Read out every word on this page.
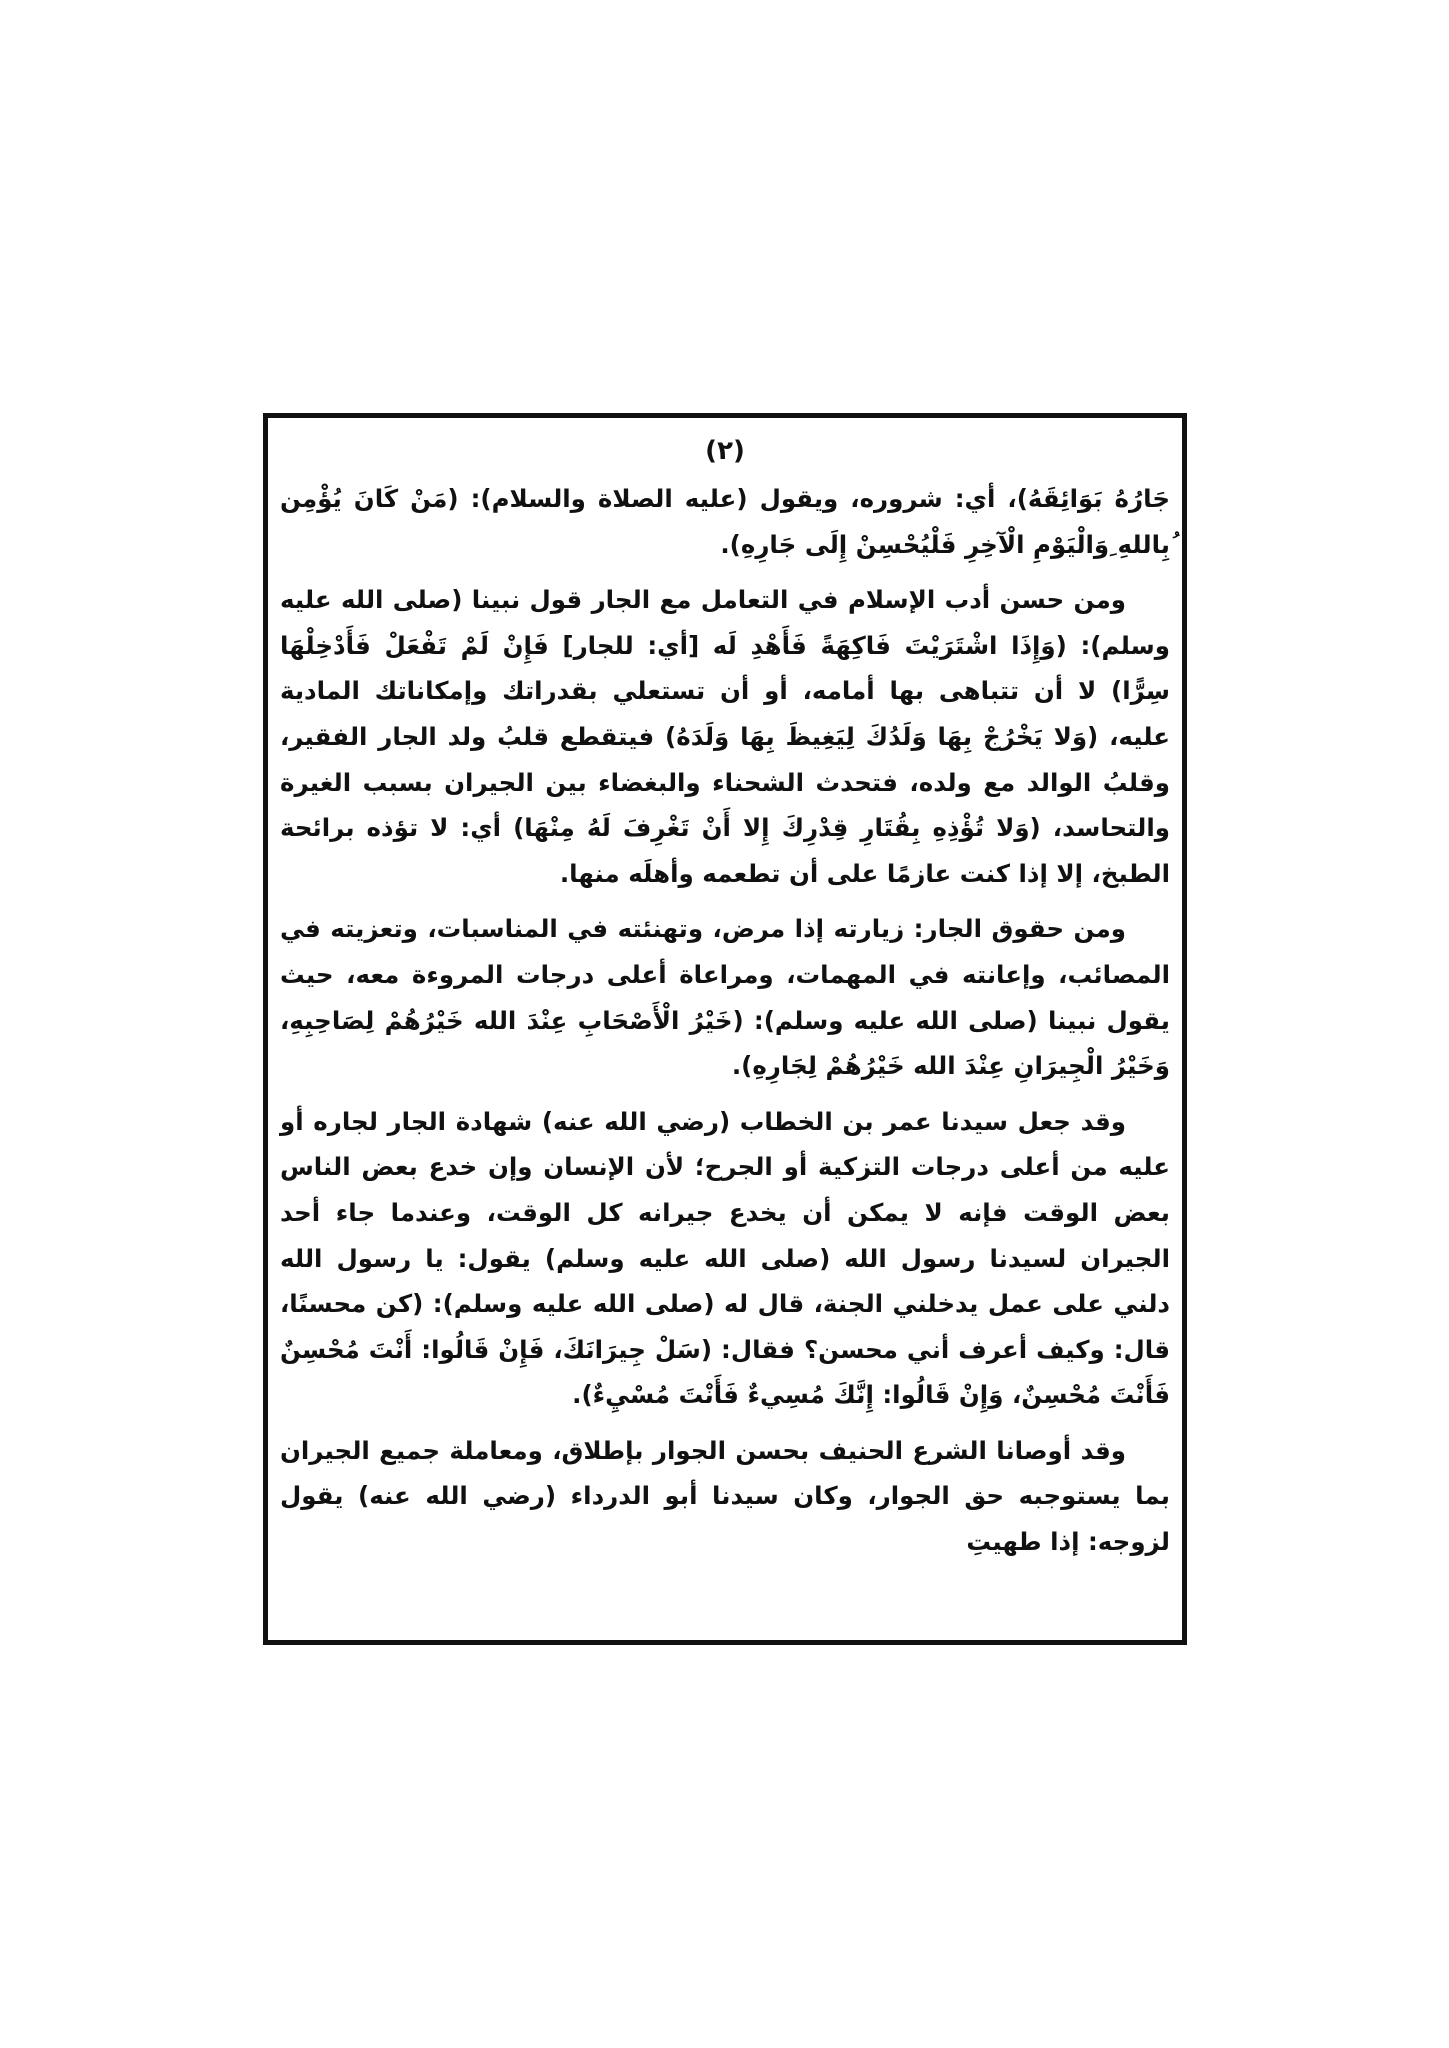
(٢)

جَارُهُ بَوَائِقَهُ)، أي: شروره، ويقول (عليه الصلاة والسلام): (مَنْ كَانَ يُؤْمِن ُبِاللهِ ِوَالْيَوْمِ الْآخِرِ فَلْيُحْسِنْ إِلَى جَارِهِ).

ومن حسن أدب الإسلام في التعامل مع الجار قول نبينا (صلى الله عليه وسلم): (وَإِذَا اشْتَرَيْتَ فَاكِهَةً فَأَهْدِ لَه [أي: للجار] فَإِنْ لَمْ تَفْعَلْ فَأَدْخِلْهَا سِرًّا) لا أن تتباهى بها أمامه، أو أن تستعلي بقدراتك وإمكاناتك المادية عليه، (وَلا يَخْرُجْ بِهَا وَلَدُكَ لِيَغِيظَ بِهَا وَلَدَهُ) فيتقطع قلبُ ولد الجار الفقير، وقلبُ الوالد مع ولده، فتحدث الشحناء والبغضاء بين الجيران بسبب الغيرة والتحاسد، (وَلا تُؤْذِهِ بِقُتَارِ قِدْرِكَ إِلا أَنْ تَغْرِفَ لَهُ مِنْهَا) أي: لا تؤذه برائحة الطبخ، إلا إذا كنت عازمًا على أن تطعمه وأهلَه منها.

ومن حقوق الجار: زيارته إذا مرض، وتهنئته في المناسبات، وتعزيته في المصائب، وإعانته في المهمات، ومراعاة أعلى درجات المروءة معه، حيث يقول نبينا (صلى الله عليه وسلم): (خَيْرُ الْأَصْحَابِ عِنْدَ الله خَيْرُهُمْ لِصَاحِبِهِ، وَخَيْرُ الْجِيرَانِ عِنْدَ الله خَيْرُهُمْ لِجَارِهِ).

وقد جعل سيدنا عمر بن الخطاب (رضي الله عنه) شهادة الجار لجاره أو عليه من أعلى درجات التزكية أو الجرح؛ لأن الإنسان وإن خدع بعض الناس بعض الوقت فإنه لا يمكن أن يخدع جيرانه كل الوقت، وعندما جاء أحد الجيران لسيدنا رسول الله (صلى الله عليه وسلم) يقول: يا رسول الله دلني على عمل يدخلني الجنة، قال له (صلى الله عليه وسلم): (كن محسنًا، قال: وكيف أعرف أني محسن؟ فقال: (سَلْ جِيرَانَكَ، فَإِنْ قَالُوا: أَنْتَ مُحْسِنٌ فَأَنْتَ مُحْسِنٌ، وَإِنْ قَالُوا: إِنَّكَ مُسِيءٌ فَأَنْتَ مُسْيِءٌ).

وقد أوصانا الشرع الحنيف بحسن الجوار بإطلاق، ومعاملة جميع الجيران بما يستوجبه حق الجوار، وكان سيدنا أبو الدرداء (رضي الله عنه) يقول لزوجه: إذا طهيتِ
